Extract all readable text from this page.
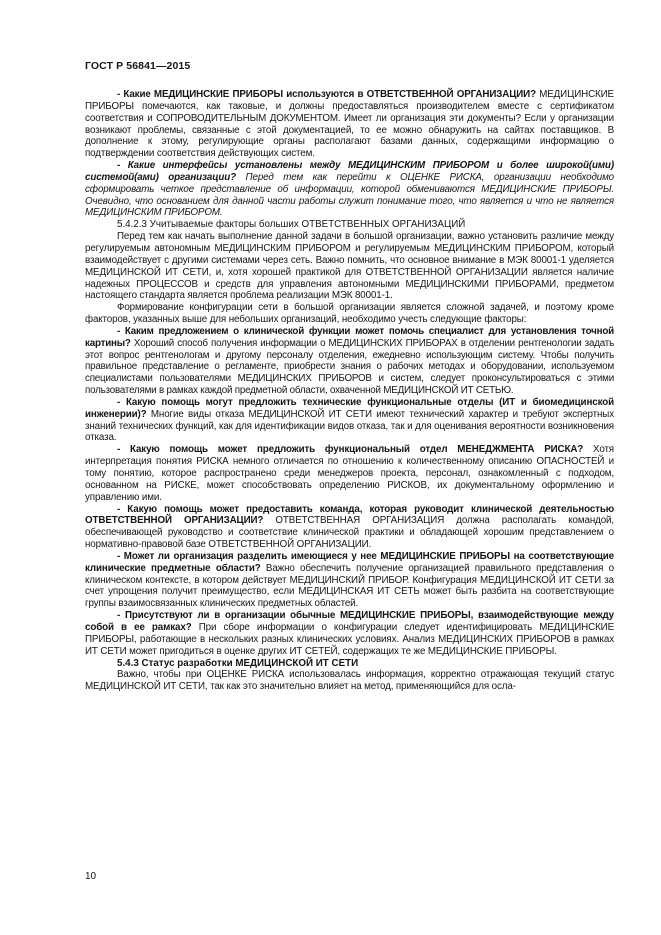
ГОСТ Р 56841—2015

- Какие МЕДИЦИНСКИЕ ПРИБОРЫ используются в ОТВЕТСТВЕННОЙ ОРГАНИЗАЦИИ? МЕДИЦИНСКИЕ ПРИБОРЫ помечаются, как таковые, и должны предоставляться производителем вместе с сертификатом соответствия и СОПРОВОДИТЕЛЬНЫМ ДОКУМЕНТОМ. Имеет ли организация эти документы? Если у организации возникают проблемы, связанные с этой документацией, то ее можно обнаружить на сайтах поставщиков. В дополнение к этому, регулирующие органы располагают базами данных, содержащими информацию о подтверждении соответствия действующих систем.

- Какие интерфейсы установлены между МЕДИЦИНСКИМ ПРИБОРОМ и более широкой(ими) системой(ами) организации? Перед тем как перейти к ОЦЕНКЕ РИСКА, организации необходимо сформировать четкое представление об информации, которой обмениваются МЕДИЦИНСКИЕ ПРИБОРЫ. Очевидно, что основанием для данной части работы служит понимание того, что является и что не является МЕДИЦИНСКИМ ПРИБОРОМ.

5.4.2.3 Учитываемые факторы больших ОТВЕТСТВЕННЫХ ОРГАНИЗАЦИЙ

Перед тем как начать выполнение данной задачи в большой организации, важно установить различие между регулируемым автономным МЕДИЦИНСКИМ ПРИБОРОМ и регулируемым МЕДИЦИНСКИМ ПРИБОРОМ, который взаимодействует с другими системами через сеть. Важно помнить, что основное внимание в МЭК 80001-1 уделяется МЕДИЦИНСКОЙ ИТ СЕТИ, и, хотя хорошей практикой для ОТВЕТСТВЕННОЙ ОРГАНИЗАЦИИ является наличие надежных ПРОЦЕССОВ и средств для управления автономными МЕДИЦИНСКИМИ ПРИБОРАМИ, предметом настоящего стандарта является проблема реализации МЭК 80001-1.

Формирование конфигурации сети в большой организации является сложной задачей, и поэтому кроме факторов, указанных выше для небольших организаций, необходимо учесть следующие факторы:

- Каким предложением о клинической функции может помочь специалист для установления точной картины? Хороший способ получения информации о МЕДИЦИНСКИХ ПРИБОРАХ в отделении рентгенологии задать этот вопрос рентгенологам и другому персоналу отделения, ежедневно использующим систему. Чтобы получить правильное представление о регламенте, приобрести знания о рабочих методах и оборудовании, используемом специалистами пользователями МЕДИЦИНСКИХ ПРИБОРОВ и систем, следует проконсультироваться с этими пользователями в рамках каждой предметной области, охваченной МЕДИЦИНСКОЙ ИТ СЕТЬЮ.

- Какую помощь могут предложить технические функциональные отделы (ИТ и биомедицинской инженерии)? Многие виды отказа МЕДИЦИНСКОЙ ИТ СЕТИ имеют технический характер и требуют экспертных знаний технических функций, как для идентификации видов отказа, так и для оценивания вероятности возникновения отказа.

- Какую помощь может предложить функциональный отдел МЕНЕДЖМЕНТА РИСКА? Хотя интерпретация понятия РИСКА немного отличается по отношению к количественному описанию ОПАСНОСТЕЙ и тому понятию, которое распространено среди менеджеров проекта, персонал, ознакомленный с подходом, основанном на РИСКЕ, может способствовать определению РИСКОВ, их документальному оформлению и управлению ими.

- Какую помощь может предоставить команда, которая руководит клинической деятельностью ОТВЕТСТВЕННОЙ ОРГАНИЗАЦИИ? ОТВЕТСТВЕННАЯ ОРГАНИЗАЦИЯ должна располагать командой, обеспечивающей руководство и соответствие клинической практики и обладающей хорошим представлением о нормативно-правовой базе ОТВЕТСТВЕННОЙ ОРГАНИЗАЦИИ.

- Может ли организация разделить имеющиеся у нее МЕДИЦИНСКИЕ ПРИБОРЫ на соответствующие клинические предметные области? Важно обеспечить получение организацией правильного представления о клиническом контексте, в котором действует МЕДИЦИНСКИЙ ПРИБОР. Конфигурация МЕДИЦИНСКОЙ ИТ СЕТИ за счет упрощения получит преимущество, если МЕДИЦИНСКАЯ ИТ СЕТЬ может быть разбита на соответствующие группы взаимосвязанных клинических предметных областей.

- Присутствуют ли в организации обычные МЕДИЦИНСКИЕ ПРИБОРЫ, взаимодействующие между собой в ее рамках? При сборе информации о конфигурации следует идентифицировать МЕДИЦИНСКИЕ ПРИБОРЫ, работающие в нескольких разных клинических условиях. Анализ МЕДИЦИНСКИХ ПРИБОРОВ в рамках ИТ СЕТИ может пригодиться в оценке других ИТ СЕТЕЙ, содержащих те же МЕДИЦИНСКИЕ ПРИБОРЫ.

5.4.3 Статус разработки МЕДИЦИНСКОЙ ИТ СЕТИ

Важно, чтобы при ОЦЕНКЕ РИСКА использовалась информация, корректно отражающая текущий статус МЕДИЦИНСКОЙ ИТ СЕТИ, так как это значительно влияет на метод, применяющийся для осла-

10
